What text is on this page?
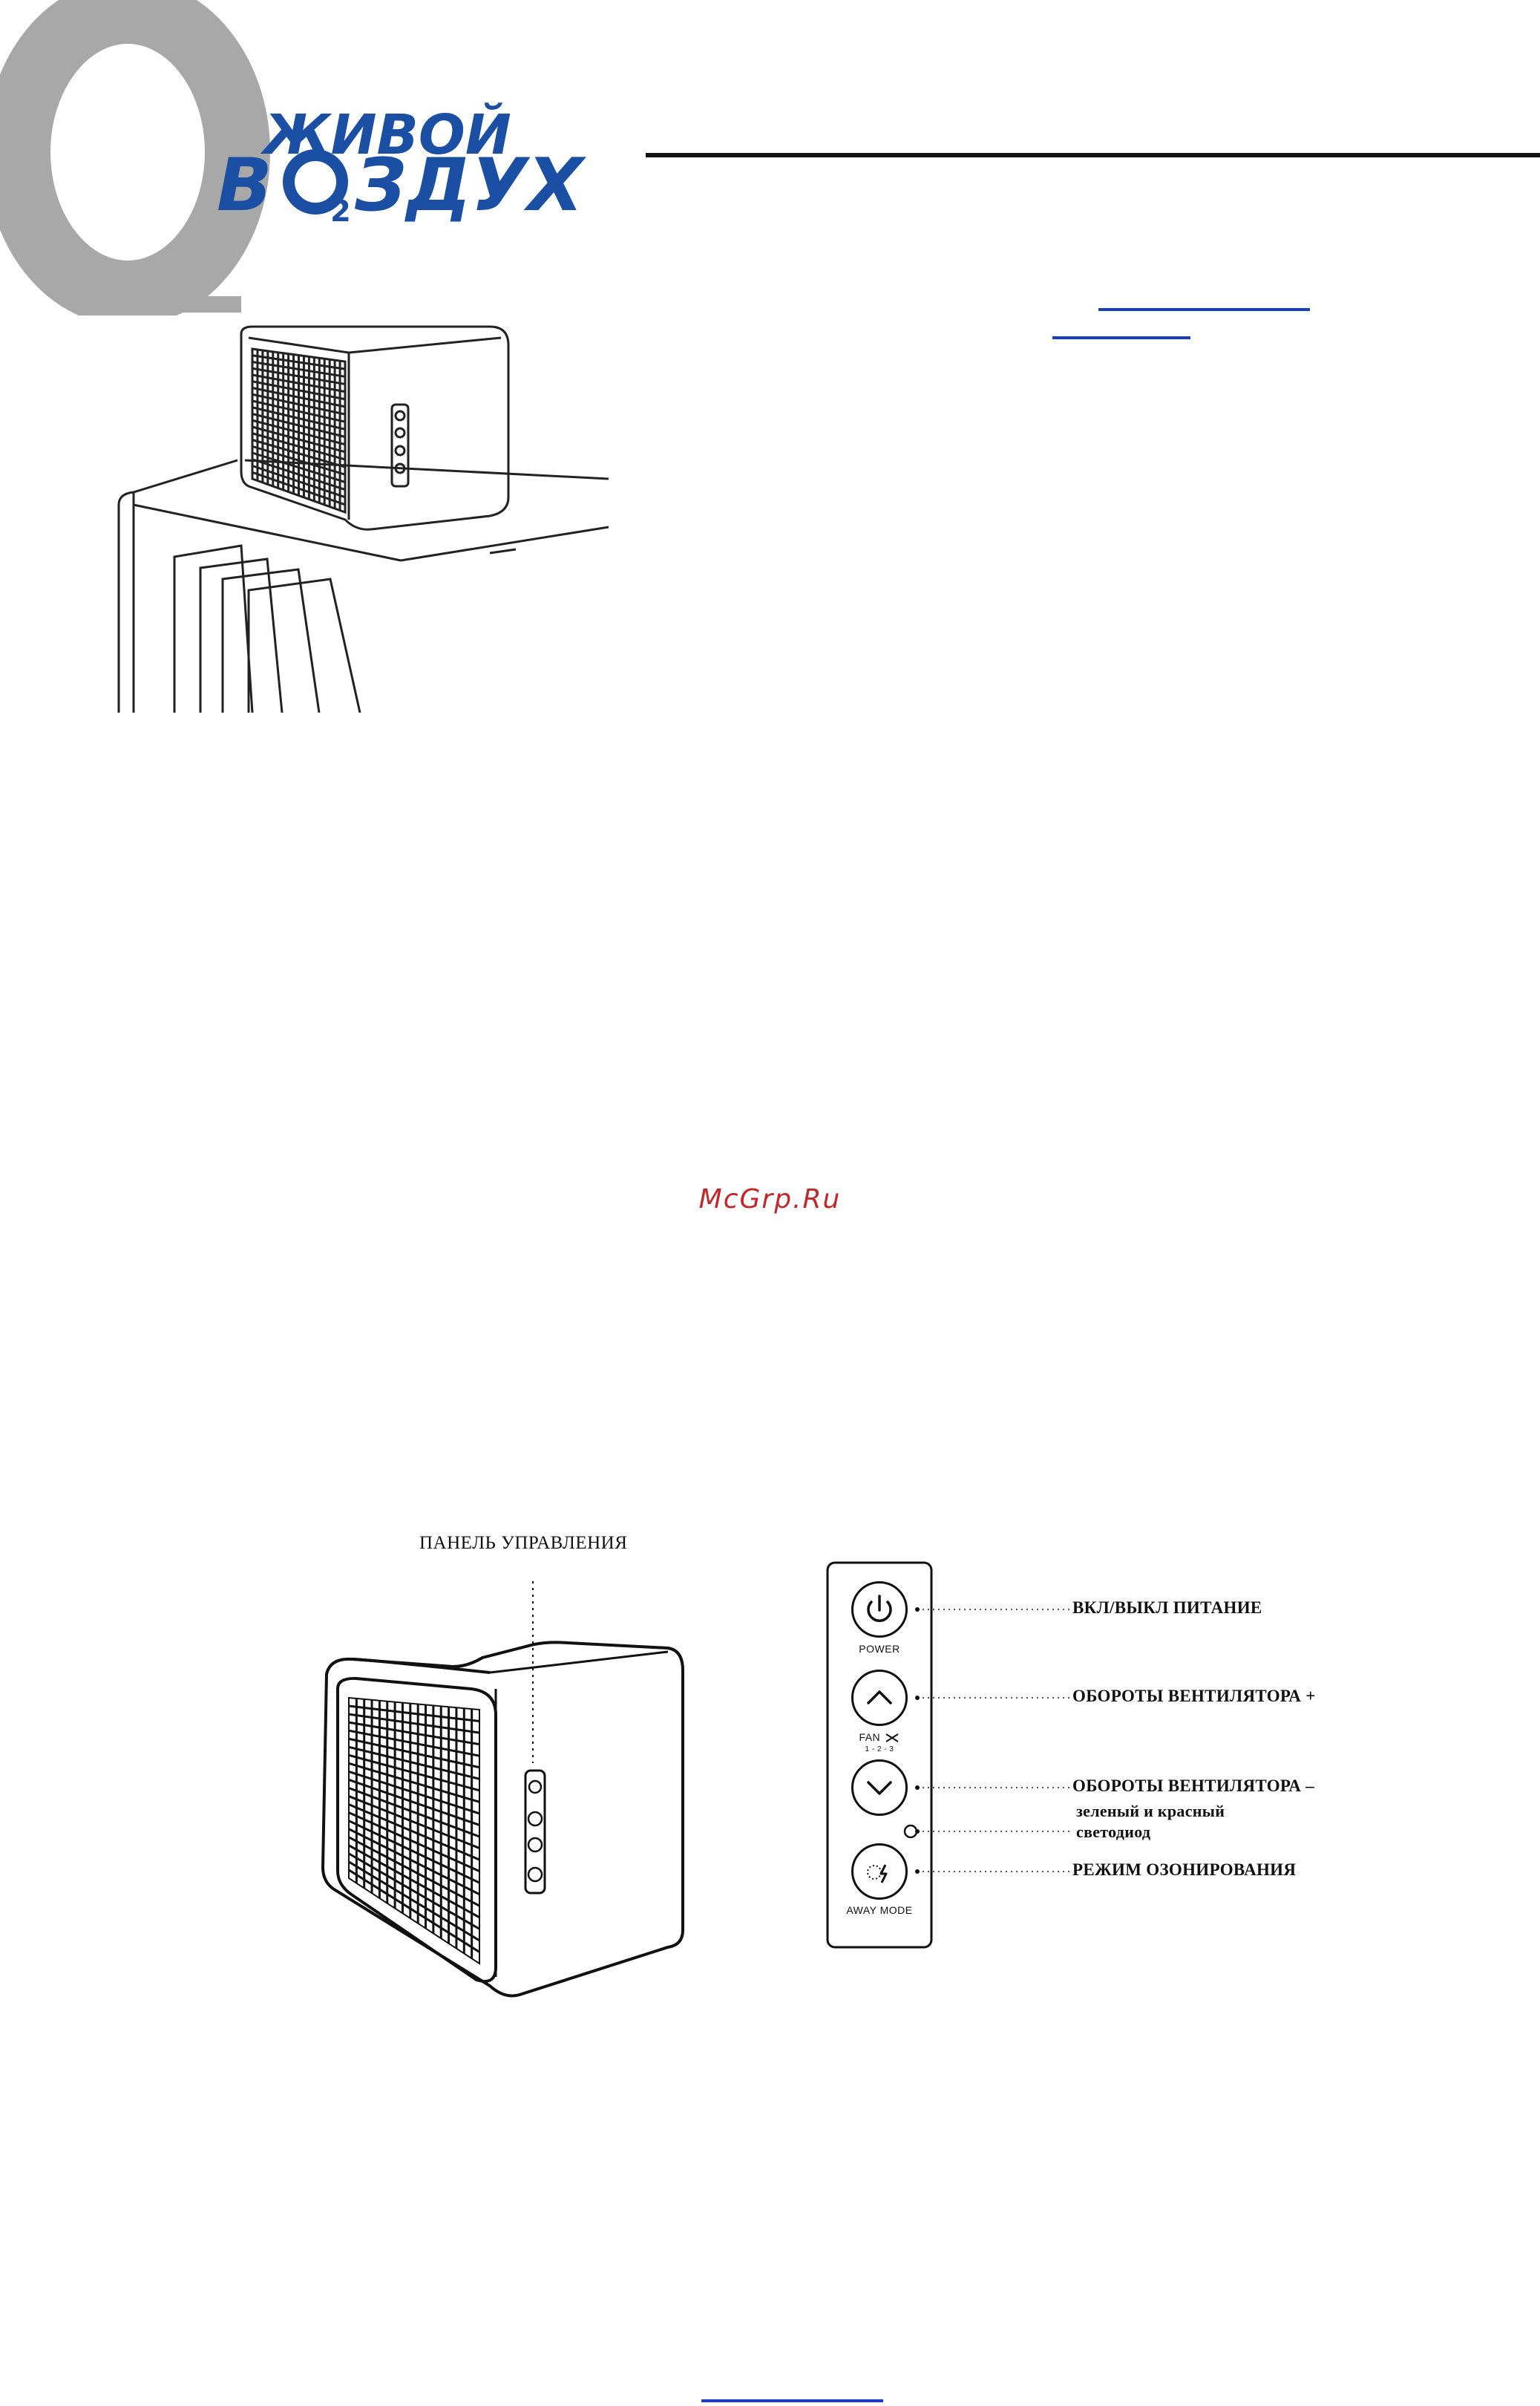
ЖИВОЙ
В 2 ЗДУХ
McGrp.Ru
ПАНЕЛЬ УПРАВЛЕНИЯ
POWER
FAN
1 - 2 - 3
AWAY MODE
ВКЛ/ВЫКЛ ПИТАНИЕ
ОБОРОТЫ ВЕНТИЛЯТОРА +
ОБОРОТЫ ВЕНТИЛЯТОРА –
зеленый и красный
светодиод
РЕЖИМ ОЗОНИРОВАНИЯ
